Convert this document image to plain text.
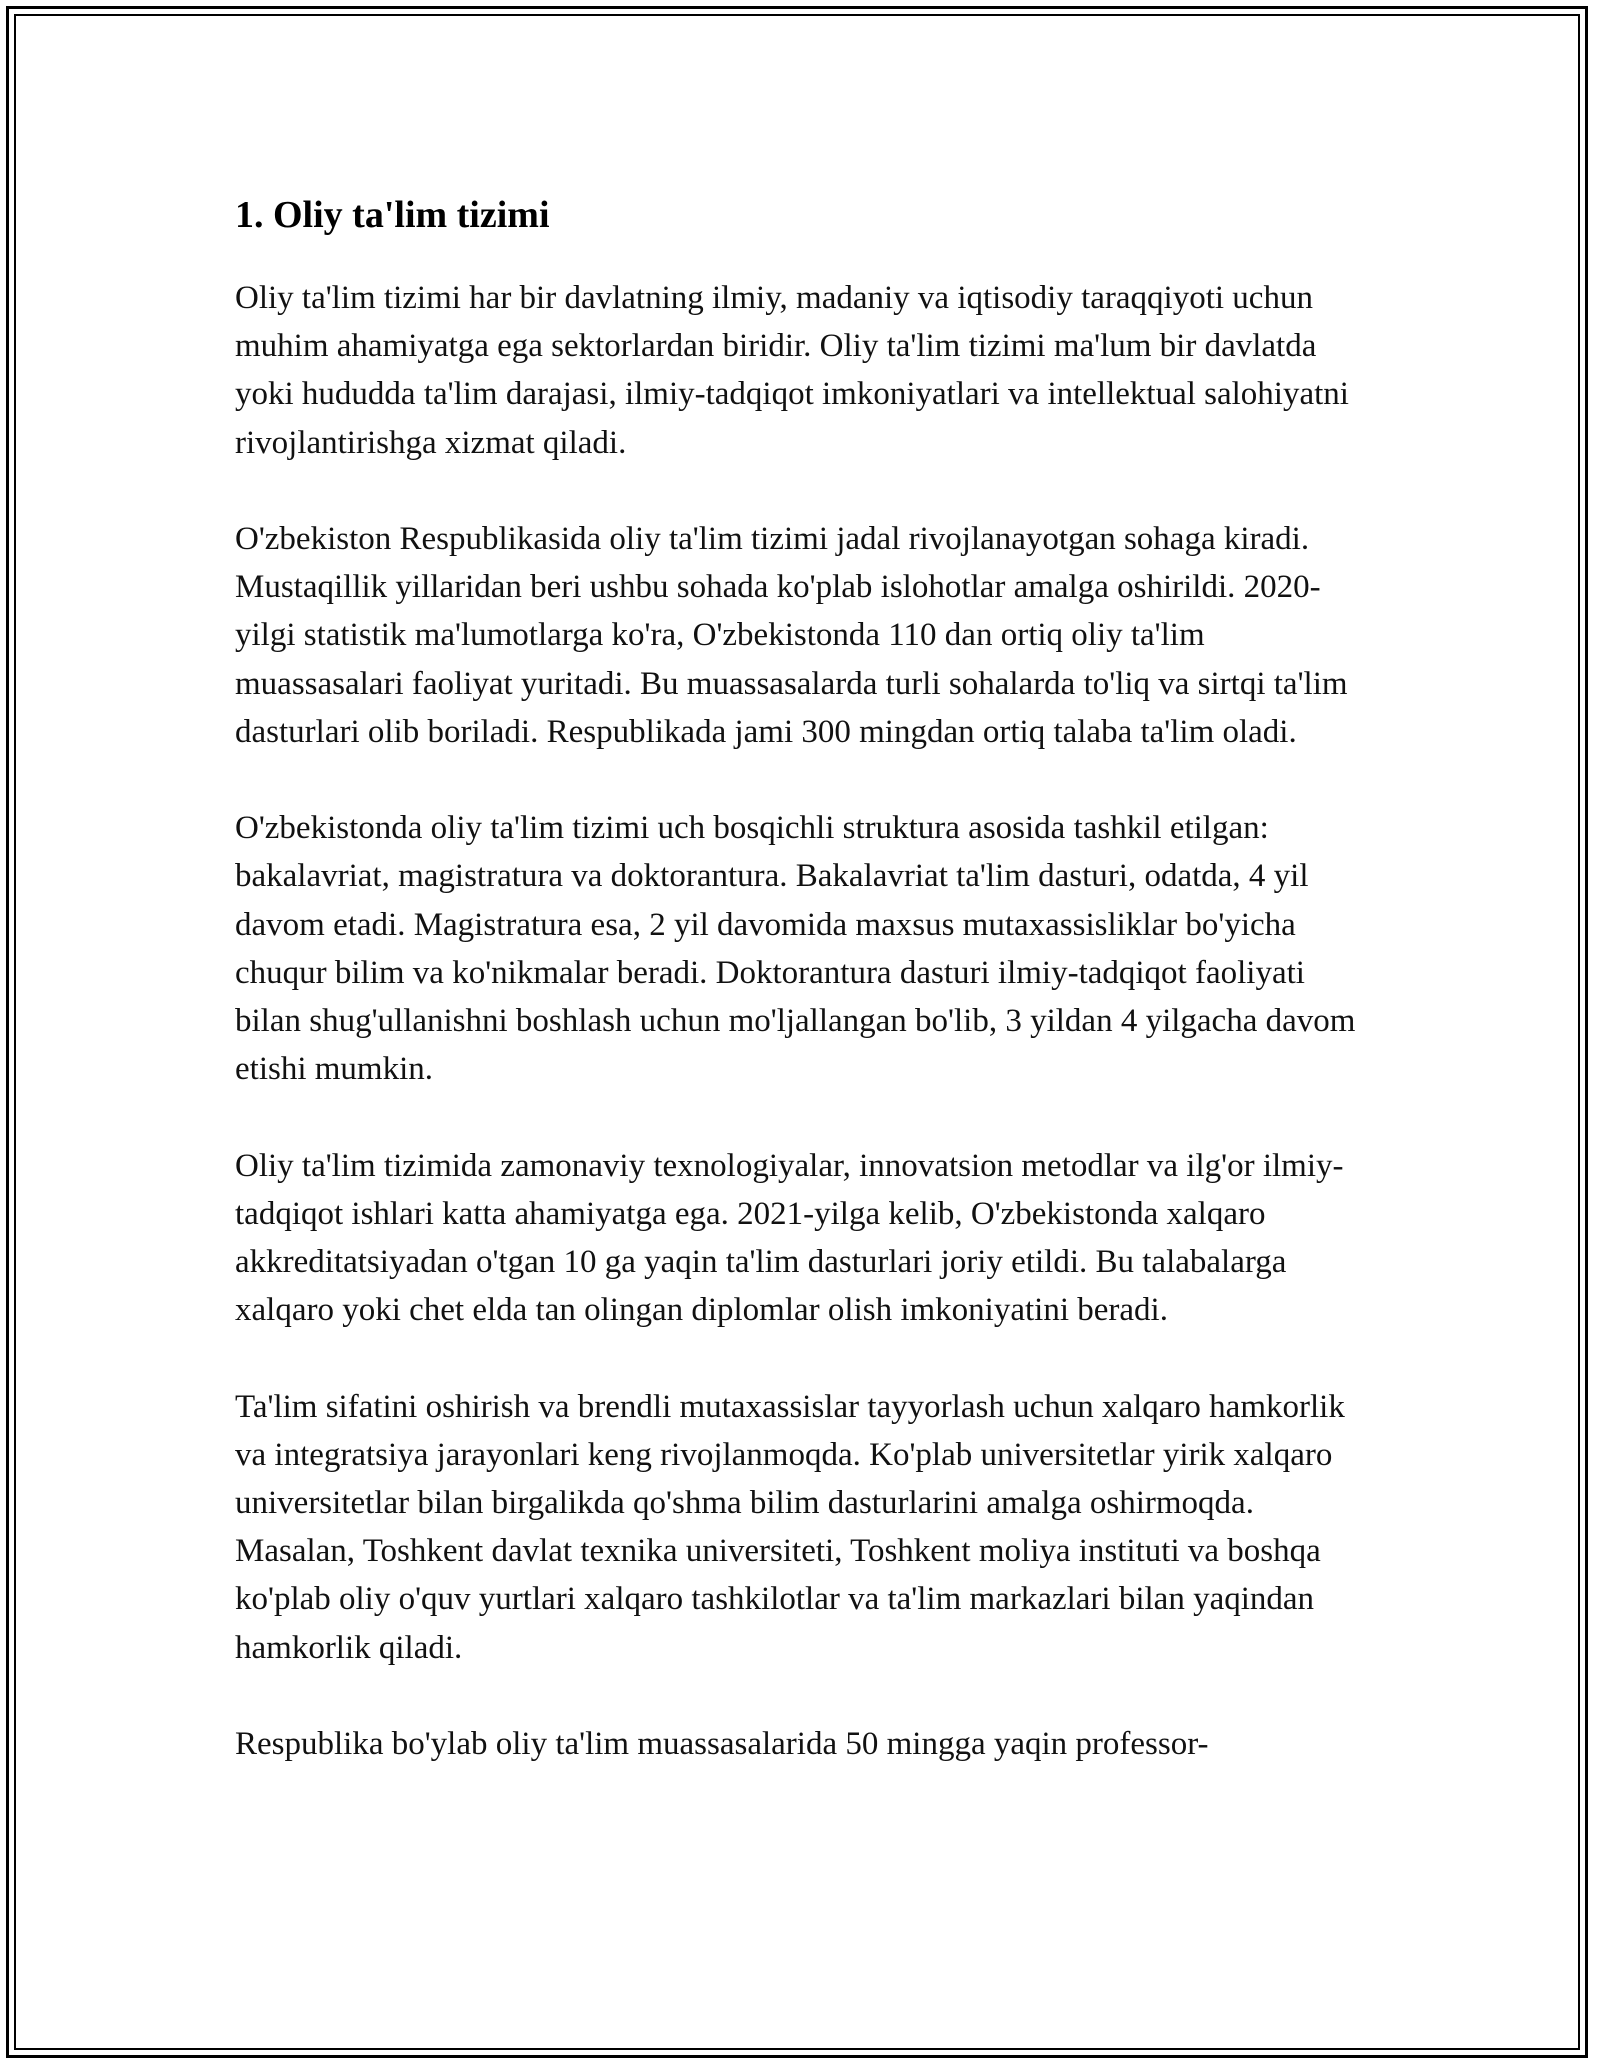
1. Oliy ta'lim tizimi

Oliy ta'lim tizimi har bir davlatning ilmiy, madaniy va iqtisodiy taraqqiyoti uchun muhim ahamiyatga ega sektorlardan biridir. Oliy ta'lim tizimi ma'lum bir davlatda yoki hududda ta'lim darajasi, ilmiy-tadqiqot imkoniyatlari va intellektual salohiyatni rivojlantirishga xizmat qiladi.

O'zbekiston Respublikasida oliy ta'lim tizimi jadal rivojlanayotgan sohaga kiradi. Mustaqillik yillaridan beri ushbu sohada ko'plab islohotlar amalga oshirildi. 2020-yilgi statistik ma'lumotlarga ko'ra, O'zbekistonda 110 dan ortiq oliy ta'lim muassasalari faoliyat yuritadi. Bu muassasalarda turli sohalarda to'liq va sirtqi ta'lim dasturlari olib boriladi. Respublikada jami 300 mingdan ortiq talaba ta'lim oladi.

O'zbekistonda oliy ta'lim tizimi uch bosqichli struktura asosida tashkil etilgan: bakalavriat, magistratura va doktorantura. Bakalavriat ta'lim dasturi, odatda, 4 yil davom etadi. Magistratura esa, 2 yil davomida maxsus mutaxassisliklar bo'yicha chuqur bilim va ko'nikmalar beradi. Doktorantura dasturi ilmiy-tadqiqot faoliyati bilan shug'ullanishni boshlash uchun mo'ljallangan bo'lib, 3 yildan 4 yilgacha davom etishi mumkin.

Oliy ta'lim tizimida zamonaviy texnologiyalar, innovatsion metodlar va ilg'or ilmiy-tadqiqot ishlari katta ahamiyatga ega. 2021-yilga kelib, O'zbekistonda xalqaro akkreditatsiyadan o'tgan 10 ga yaqin ta'lim dasturlari joriy etildi. Bu talabalarga xalqaro yoki chet elda tan olingan diplomlar olish imkoniyatini beradi.

Ta'lim sifatini oshirish va brendli mutaxassislar tayyorlash uchun xalqaro hamkorlik va integratsiya jarayonlari keng rivojlanmoqda. Ko'plab universitetlar yirik xalqaro universitetlar bilan birgalikda qo'shma bilim dasturlarini amalga oshirmoqda. Masalan, Toshkent davlat texnika universiteti, Toshkent moliya instituti va boshqa ko'plab oliy o'quv yurtlari xalqaro tashkilotlar va ta'lim markazlari bilan yaqindan hamkorlik qiladi.

Respublika bo'ylab oliy ta'lim muassasalarida 50 mingga yaqin professor-
